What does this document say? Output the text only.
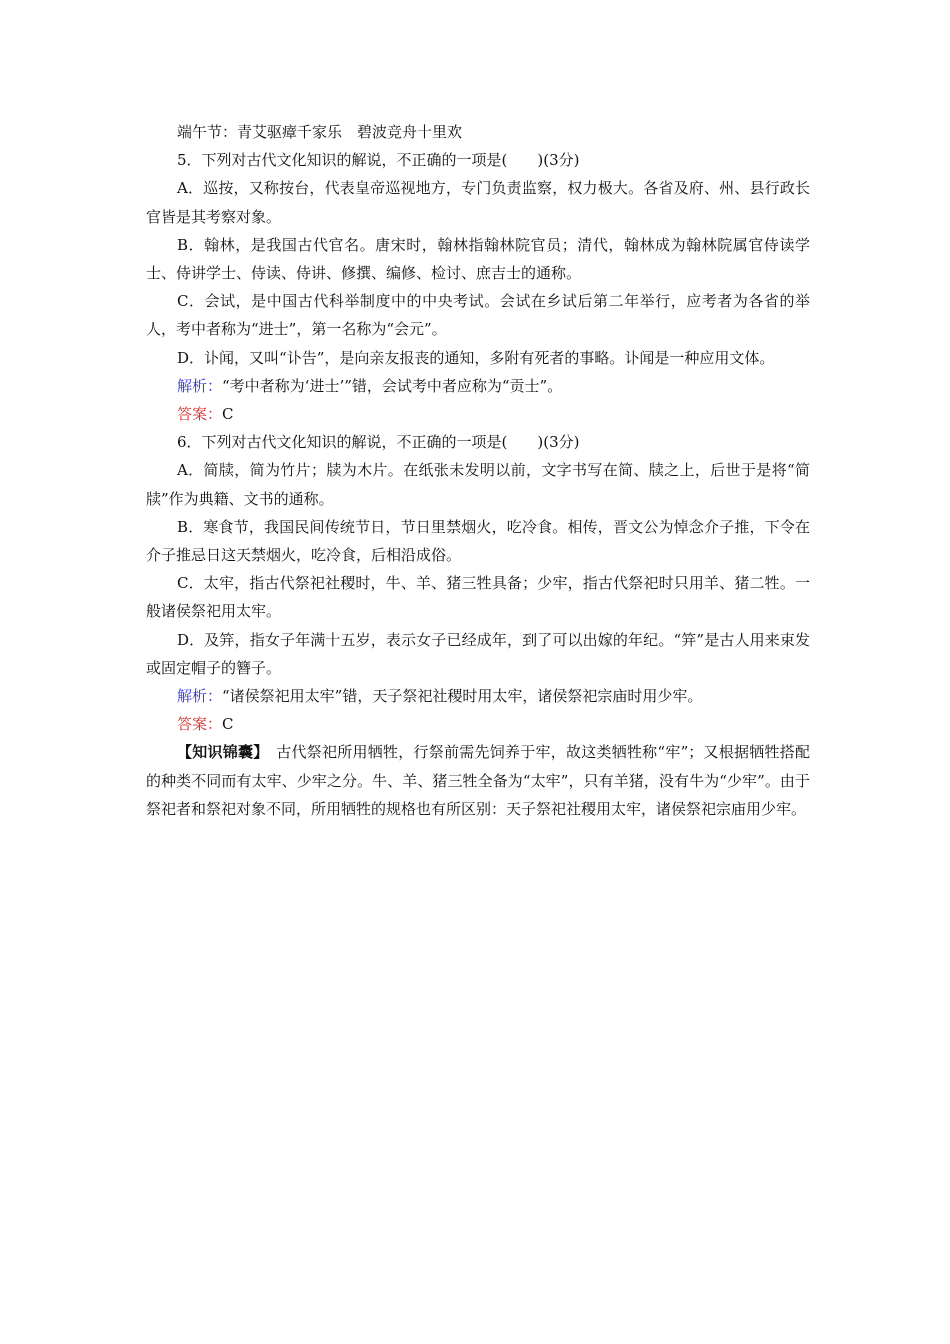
端午节：青艾驱瘴千家乐　碧波竞舟十里欢

5．下列对古代文化知识的解说，不正确的一项是(　　)(3分)

A．巡按，又称按台，代表皇帝巡视地方，专门负责监察，权力极大。各省及府、州、县行政长官皆是其考察对象。

B．翰林，是我国古代官名。唐宋时，翰林指翰林院官员；清代，翰林成为翰林院属官侍读学士、侍讲学士、侍读、侍讲、修撰、编修、检讨、庶吉士的通称。

C．会试，是中国古代科举制度中的中央考试。会试在乡试后第二年举行，应考者为各省的举人，考中者称为“进士”，第一名称为“会元”。

D．讣闻，又叫“讣告”，是向亲友报丧的通知，多附有死者的事略。讣闻是一种应用文体。

解析：“考中者称为‘进士’”错，会试考中者应称为“贡士”。

答案：C

6．下列对古代文化知识的解说，不正确的一项是(　　)(3分)

A．简牍，简为竹片；牍为木片。在纸张未发明以前，文字书写在简、牍之上，后世于是将“简牍”作为典籍、文书的通称。

B．寒食节，我国民间传统节日，节日里禁烟火，吃冷食。相传，晋文公为悼念介子推，下令在介子推忌日这天禁烟火，吃冷食，后相沿成俗。

C．太牢，指古代祭祀社稷时，牛、羊、猪三牲具备；少牢，指古代祭祀时只用羊、猪二牲。一般诸侯祭祀用太牢。

D．及笄，指女子年满十五岁，表示女子已经成年，到了可以出嫁的年纪。“笄”是古人用来束发或固定帽子的簪子。

解析：“诸侯祭祀用太牢”错，天子祭祀社稷时用太牢，诸侯祭祀宗庙时用少牢。

答案：C

【知识锦囊】　古代祭祀所用牺牲，行祭前需先饲养于牢，故这类牺牲称“牢”；又根据牺牲搭配的种类不同而有太牢、少牢之分。牛、羊、猪三牲全备为“太牢”，只有羊猪，没有牛为“少牢”。由于祭祀者和祭祀对象不同，所用牺牲的规格也有所区别：天子祭祀社稷用太牢，诸侯祭祀宗庙用少牢。
